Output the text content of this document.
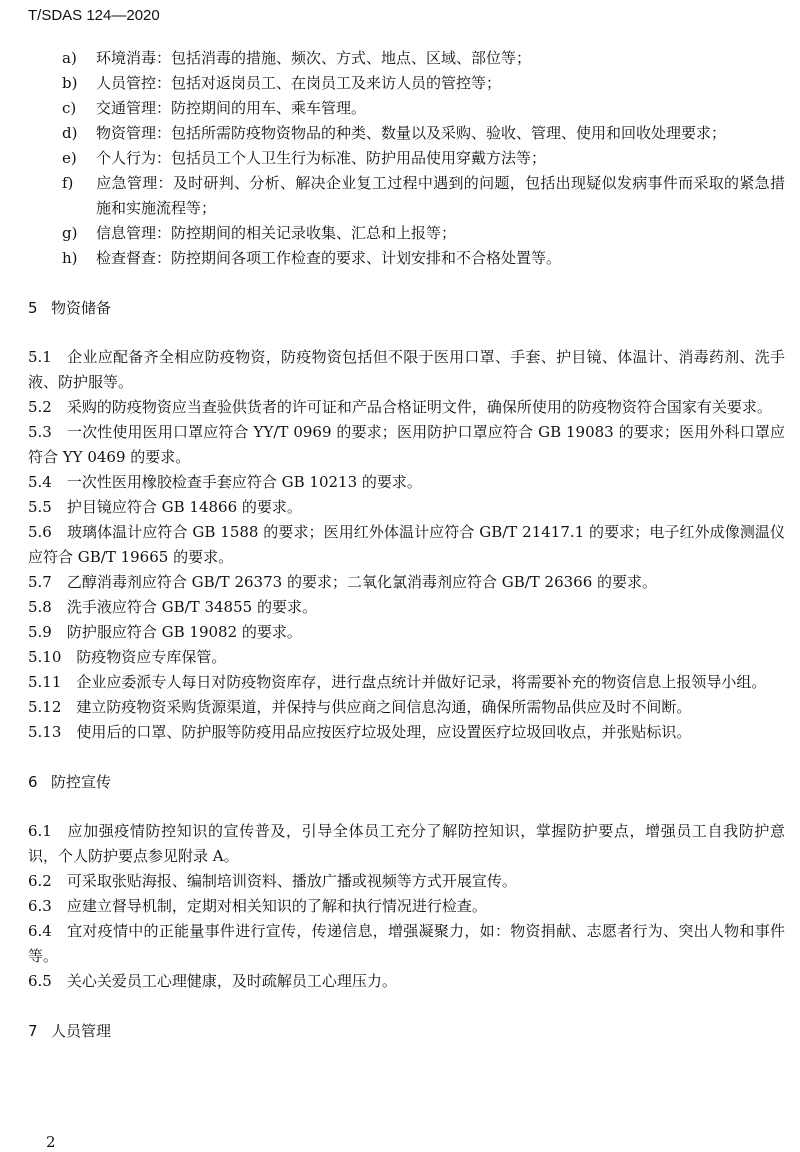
T/SDAS 124—2020
a) 环境消毒：包括消毒的措施、频次、方式、地点、区域、部位等；
b) 人员管控：包括对返岗员工、在岗员工及来访人员的管控等；
c) 交通管理：防控期间的用车、乘车管理。
d) 物资管理：包括所需防疫物资物品的种类、数量以及采购、验收、管理、使用和回收处理要求；
e) 个人行为：包括员工个人卫生行为标准、防护用品使用穿戴方法等；
f) 应急管理：及时研判、分析、解决企业复工过程中遇到的问题，包括出现疑似发病事件而采取的紧急措施和实施流程等；
g) 信息管理：防控期间的相关记录收集、汇总和上报等；
h) 检查督查：防控期间各项工作检查的要求、计划安排和不合格处置等。
5 物资储备
5.1 企业应配备齐全相应防疫物资，防疫物资包括但不限于医用口罩、手套、护目镜、体温计、消毒药剂、洗手液、防护服等。
5.2 采购的防疫物资应当查验供货者的许可证和产品合格证明文件，确保所使用的防疫物资符合国家有关要求。
5.3 一次性使用医用口罩应符合 YY/T 0969 的要求；医用防护口罩应符合 GB 19083 的要求；医用外科口罩应符合 YY 0469 的要求。
5.4 一次性医用橡胶检查手套应符合 GB 10213 的要求。
5.5 护目镜应符合 GB 14866 的要求。
5.6 玻璃体温计应符合 GB 1588 的要求；医用红外体温计应符合 GB/T 21417.1 的要求；电子红外成像测温仪应符合 GB/T 19665 的要求。
5.7 乙醇消毒剂应符合 GB/T 26373 的要求；二氧化氯消毒剂应符合 GB/T 26366 的要求。
5.8 洗手液应符合 GB/T 34855 的要求。
5.9 防护服应符合 GB 19082 的要求。
5.10 防疫物资应专库保管。
5.11 企业应委派专人每日对防疫物资库存，进行盘点统计并做好记录，将需要补充的物资信息上报领导小组。
5.12 建立防疫物资采购货源渠道，并保持与供应商之间信息沟通，确保所需物品供应及时不间断。
5.13 使用后的口罩、防护服等防疫用品应按医疗垃圾处理，应设置医疗垃圾回收点，并张贴标识。
6 防控宣传
6.1 应加强疫情防控知识的宣传普及，引导全体员工充分了解防控知识，掌握防护要点，增强员工自我防护意识，个人防护要点参见附录 A。
6.2 可采取张贴海报、编制培训资料、播放广播或视频等方式开展宣传。
6.3 应建立督导机制，定期对相关知识的了解和执行情况进行检查。
6.4 宜对疫情中的正能量事件进行宣传，传递信息，增强凝聚力，如：物资捐献、志愿者行为、突出人物和事件等。
6.5 关心关爱员工心理健康，及时疏解员工心理压力。
7 人员管理
2
